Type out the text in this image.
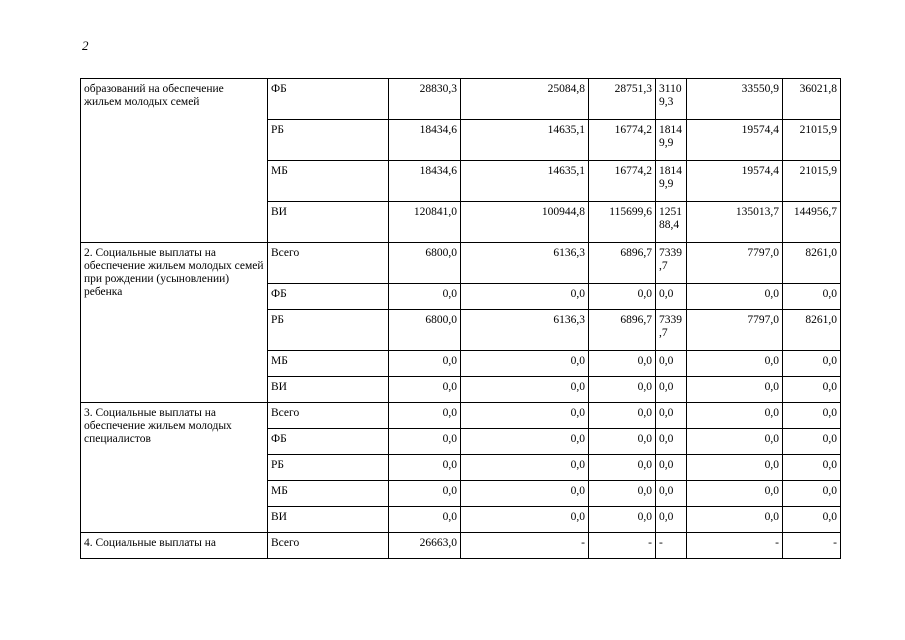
2
образований на обеспечение жильем молодых семей	ФБ	28830,3	25084,8	28751,3	3110 9,3	33550,9	36021,8
	РБ	18434,6	14635,1	16774,2	1814 9,9	19574,4	21015,9
	МБ	18434,6	14635,1	16774,2	1814 9,9	19574,4	21015,9
	ВИ	120841,0	100944,8	115699,6	1251 88,4	135013,7	144956,7
2. Социальные выплаты на обеспечение жильем молодых семей при рождении (усыновлении) ребенка	Всего	6800,0	6136,3	6896,7	7339 ,7	7797,0	8261,0
	ФБ	0,0	0,0	0,0	0,0	0,0	0,0
	РБ	6800,0	6136,3	6896,7	7339 ,7	7797,0	8261,0
	МБ	0,0	0,0	0,0	0,0	0,0	0,0
	ВИ	0,0	0,0	0,0	0,0	0,0	0,0
3. Социальные выплаты на обеспечение жильем молодых специалистов	Всего	0,0	0,0	0,0	0,0	0,0	0,0
	ФБ	0,0	0,0	0,0	0,0	0,0	0,0
	РБ	0,0	0,0	0,0	0,0	0,0	0,0
	МБ	0,0	0,0	0,0	0,0	0,0	0,0
	ВИ	0,0	0,0	0,0	0,0	0,0	0,0
4. Социальные выплаты на	Всего	26663,0	-	-	-	-	-
